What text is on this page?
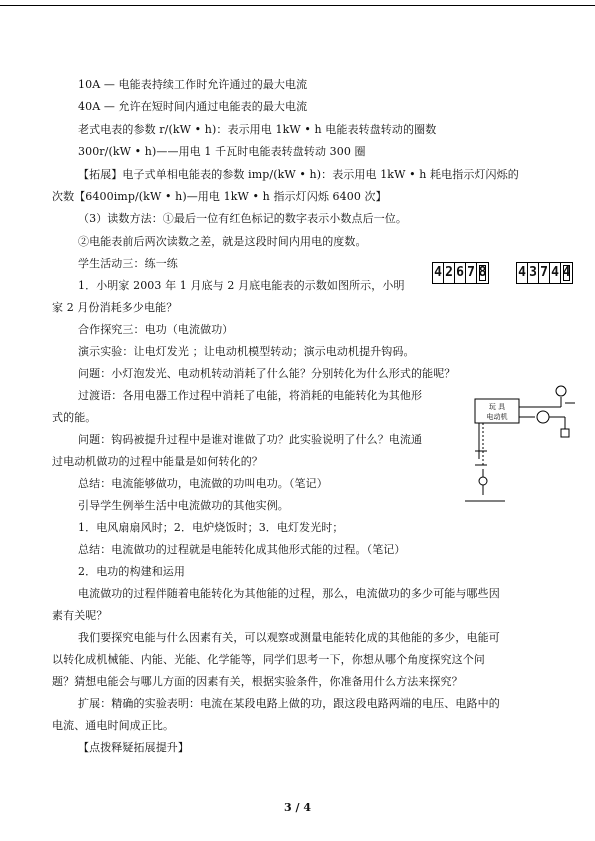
10A — 电能表持续工作时允许通过的最大电流
40A — 允许在短时间内通过电能表的最大电流
老式电表的参数 r/(kW • h)：表示用电 1kW • h 电能表转盘转动的圈数
300r/(kW • h)——用电 1 千瓦时电能表转盘转动 300 圈
【拓展】电子式单相电能表的参数 imp/(kW • h)：表示用电 1kW • h 耗电指示灯闪烁的
次数【6400imp/(kW • h)—用电 1kW • h 指示灯闪烁 6400 次】
（3）读数方法：①最后一位有红色标记的数字表示小数点后一位。
②电能表前后两次读数之差，就是这段时间内用电的度数。
学生活动三：练一练
1．小明家 2003 年 1 月底与 2 月底电能表的示数如图所示，小明
家 2 月份消耗多少电能？
合作探究三：电功（电流做功）
演示实验：让电灯发光 ；让电动机模型转动；演示电动机提升钩码。
问题：小灯泡发光、电动机转动消耗了什么能？分别转化为什么形式的能呢？
过渡语：各用电器工作过程中消耗了电能，将消耗的电能转化为其他形
式的能。
问题：钩码被提升过程中是谁对谁做了功？此实验说明了什么？电流通
过电动机做功的过程中能量是如何转化的？
总结：电流能够做功，电流做的功叫电功。（笔记）
引导学生例举生活中电流做功的其他实例。
1．电风扇扇风时；2．电炉烧饭时；3．电灯发光时；
总结：电流做功的过程就是电能转化成其他形式能的过程。（笔记）
2．电功的构建和运用
电流做功的过程伴随着电能转化为其他能的过程，那么，电流做功的多少可能与哪些因
素有关呢？
我们要探究电能与什么因素有关，可以观察或测量电能转化成的其他能的多少，电能可
以转化成机械能、内能、光能、化学能等，同学们思考一下，你想从哪个角度探究这个问
题？猜想电能会与哪儿方面的因素有关，根据实验条件，你准备用什么方法来探究？
扩展：精确的实验表明：电流在某段电路上做的功，跟这段电路两端的电压、电路中的
电流、通电时间成正比。
【点拨释疑拓展提升】
4 2 6 7 8 4 3 7 4 4
玩 具
电动机
3 / 4
